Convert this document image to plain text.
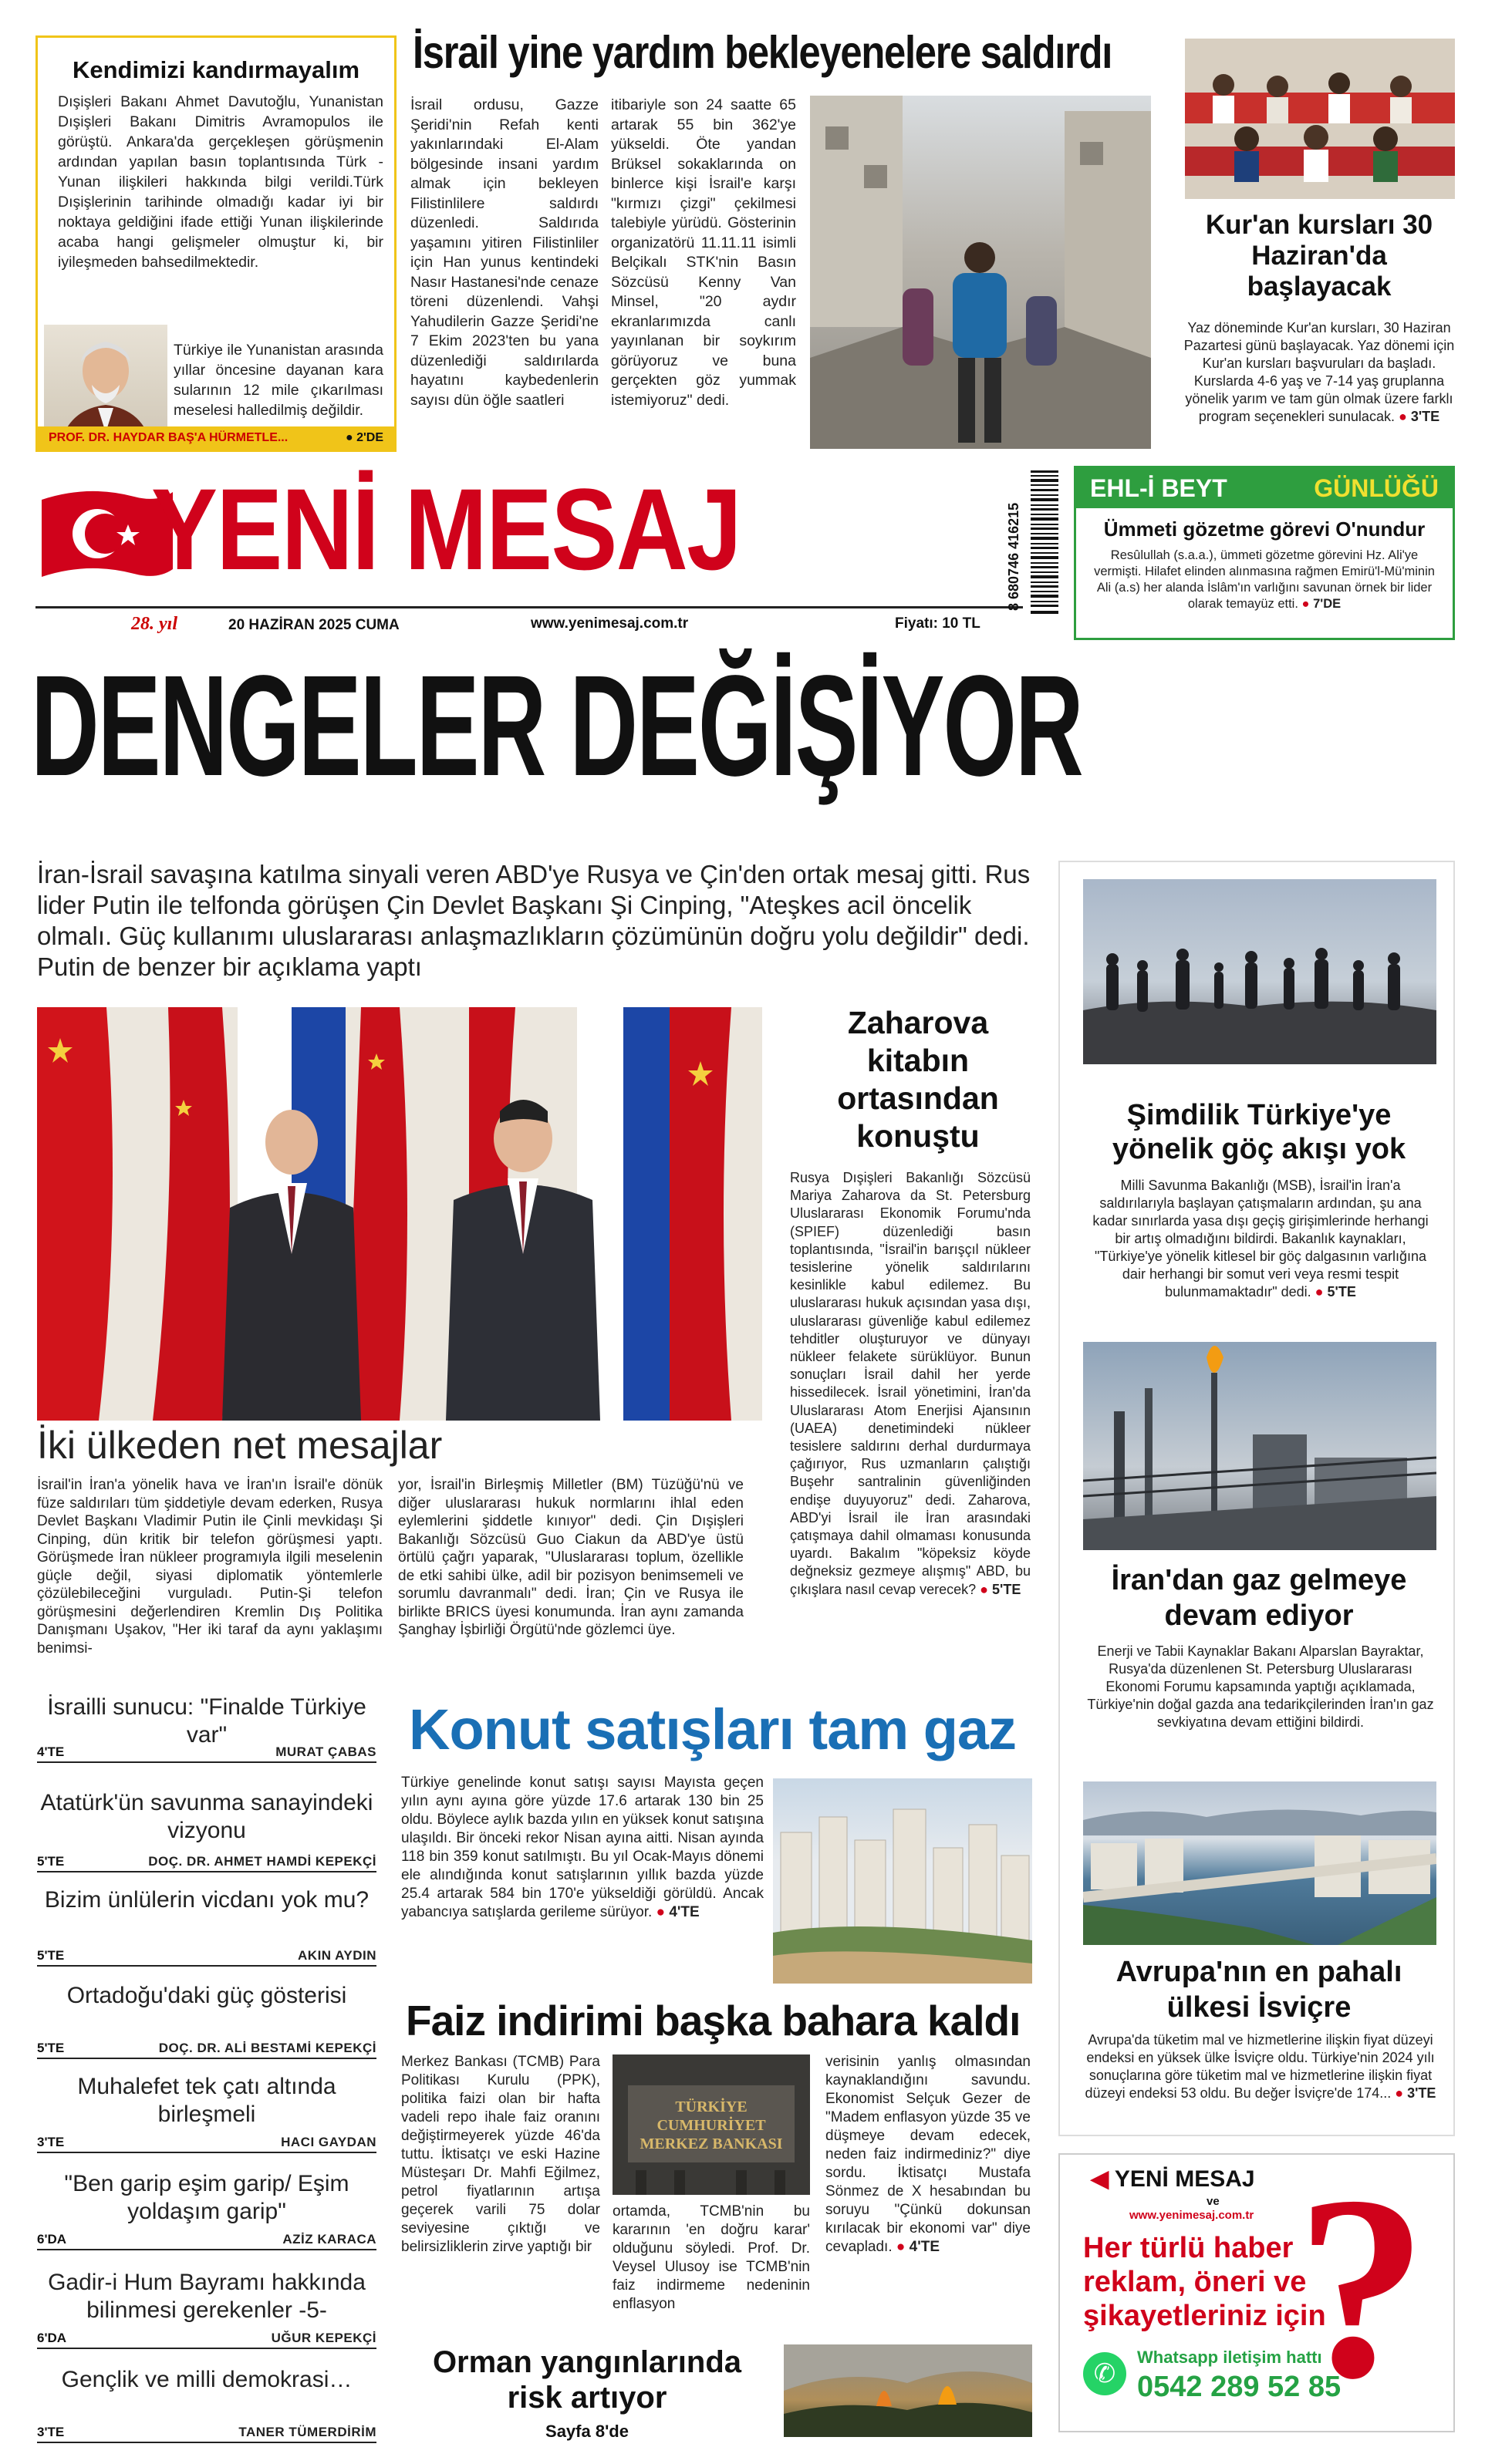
Kendimizi kandırmayalım
Dışişleri Bakanı Ahmet Davutoğlu, Yunanistan Dışişleri Bakanı Dimitris Avramopulos ile görüştü. Ankara'da gerçekleşen görüşmenin ardından yapılan basın toplantısında Türk - Yunan ilişkileri hakkında bilgi verildi.Türk Dışişlerinin tarihinde olmadığı kadar iyi bir noktaya geldiğini ifade ettiği Yunan ilişkilerinde acaba hangi gelişmeler olmuştur ki, bir iyileşmeden bahsedilmektedir.
Türkiye ile Yunanistan arasında yıllar öncesine dayanan kara sularının 12 mile çıkarılması meselesi halledilmiş değildir.
PROF. DR. HAYDAR BAŞ'A HÜRMETLE...	● 2'DE
İsrail yine yardım bekleyenelere saldırdı
İsrail ordusu, Gazze Şeridi'nin Refah kenti yakınlarındaki El-Alam bölgesinde insani yardım almak için bekleyen Filistinlilere saldırdı düzenledi. Saldırıda yaşamını yitiren Filistinliler için Han yunus kentindeki Nasır Hastanesi'nde cenaze töreni düzenlendi. Vahşi Yahudilerin Gazze Şeridi'ne 7 Ekim 2023'ten bu yana düzenlediği saldırılarda hayatını kaybedenlerin sayısı dün öğle saatleri
itibariyle son 24 saatte 65 artarak 55 bin 362'ye yükseldi. Öte yandan Brüksel sokaklarında on binlerce kişi İsrail'e karşı "kırmızı çizgi" çekilmesi talebiyle yürüdü. Gösterinin organizatörü 11.11.11 isimli Belçikalı STK'nin Basın Sözcüsü Kenny Van Minsel, "20 aydır ekranlarımızda canlı yayınlanan bir soykırım görüyoruz ve buna gerçekten göz yummak istemiyoruz" dedi.
Kur'an kursları 30 Haziran'da başlayacak
Yaz döneminde Kur'an kursları, 30 Haziran Pazartesi günü başlayacak. Yaz dönemi için Kur'an kursları başvuruları da başladı. Kurslarda 4-6 yaş ve 7-14 yaş gruplanna yönelik yarım ve tam gün olmak üzere farklı program seçenekleri sunulacak. ● 3'TE
YENİ MESAJ
28. yıl	20 HAZİRAN 2025 CUMA	www.yenimesaj.com.tr	Fiyatı: 10 TL
8 680746 416215
EHL-İ BEYT	GÜNLÜĞÜ
Ümmeti gözetme görevi O'nundur
Resûlullah (s.a.a.), ümmeti gözetme görevini Hz. Ali'ye vermişti. Hilafet elinden alınmasına rağmen Emirü'l-Mü'minin Ali (a.s) her alanda İslâm'ın varlığını savunan örnek bir lider olarak temayüz etti. ● 7'DE
DENGELER DEĞİŞİYOR
İran-İsrail savaşına katılma sinyali veren ABD'ye Rusya ve Çin'den ortak mesaj gitti. Rus lider Putin ile telfonda görüşen Çin Devlet Başkanı Şi Cinping, "Ateşkes acil öncelik olmalı. Güç kullanımı uluslararası anlaşmazlıkların çözümünün doğru yolu değildir" dedi. Putin de benzer bir açıklama yaptı
İki ülkeden net mesajlar
İsrail'in İran'a yönelik hava ve İran'ın İsrail'e dönük füze saldırıları tüm şiddetiyle devam ederken, Rusya Devlet Başkanı Vladimir Putin ile Çinli mevkidaşı Şi Cinping, dün kritik bir telefon görüşmesi yaptı. Görüşmede İran nükleer programıyla ilgili meselenin güçle değil, siyasi diplomatik yöntemlerle çözülebileceğini vurguladı. Putin-Şi telefon görüşmesini değerlendiren Kremlin Dış Politika Danışmanı Uşakov, "Her iki taraf da aynı yaklaşımı benimsi-
yor, İsrail'in Birleşmiş Milletler (BM) Tüzüğü'nü ve diğer uluslararası hukuk normlarını ihlal eden eylemlerini şiddetle kınıyor" dedi. Çin Dışişleri Bakanlığı Sözcüsü Guo Ciakun da ABD'ye üstü örtülü çağrı yaparak, "Uluslararası toplum, özellikle de etki sahibi ülke, adil bir pozisyon benimsemeli ve sorumlu davranmalı" dedi. İran; Çin ve Rusya ile birlikte BRICS üyesi konumunda. İran aynı zamanda Şanghay İşbirliği Örgütü'nde gözlemci üye.
Zaharova kitabın ortasından konuştu
Rusya Dışişleri Bakanlığı Sözcüsü Mariya Zaharova da St. Petersburg Uluslararası Ekonomik Forumu'nda (SPIEF) düzenlediği basın toplantısında, "İsrail'in barışçıl nükleer tesislerine yönelik saldırılarını kesinlikle kabul edilemez. Bu uluslararası hukuk açısından yasa dışı, uluslararası güvenliğe kabul edilemez tehditler oluşturuyor ve dünyayı nükleer felakete sürüklüyor. Bunun sonuçları İsrail dahil her yerde hissedilecek. İsrail yönetimini, İran'da Uluslararası Atom Enerjisi Ajansının (UAEA) denetimindeki nükleer tesislere saldırını derhal durdurmaya çağırıyor, Rus uzmanların çalıştığı Buşehr santralinin güvenliğinden endişe duyuyoruz" dedi. Zaharova, ABD'yi İsrail ile İran arasındaki çatışmaya dahil olmaması konusunda uyardı. Bakalım "köpeksiz köyde değneksiz gezmeye alışmış" ABD, bu çıkışlara nasıl cevap verecek? ● 5'TE
Şimdilik Türkiye'ye yönelik göç akışı yok
Milli Savunma Bakanlığı (MSB), İsrail'in İran'a saldırılarıyla başlayan çatışmaların ardından, şu ana kadar sınırlarda yasa dışı geçiş girişimlerinde herhangi bir artış olmadığını bildirdi. Bakanlık kaynakları, "Türkiye'ye yönelik kitlesel bir göç dalgasının varlığına dair herhangi bir somut veri veya resmi tespit bulunmamaktadır" dedi. ● 5'TE
İran'dan gaz gelmeye devam ediyor
Enerji ve Tabii Kaynaklar Bakanı Alparslan Bayraktar, Rusya'da düzenlenen St. Petersburg Uluslararası Ekonomi Forumu kapsamında yaptığı açıklamada, Türkiye'nin doğal gazda ana tedarikçilerinden İran'ın gaz sevkiyatına devam ettiğini bildirdi.
Avrupa'nın en pahalı ülkesi İsviçre
Avrupa'da tüketim mal ve hizmetlerine ilişkin fiyat düzeyi endeksi en yüksek ülke İsviçre oldu. Türkiye'nin 2024 yılı sonuçlarına göre tüketim mal ve hizmetlerine ilişkin fiyat düzeyi endeksi 53 oldu. Bu değer İsviçre'de 174... ● 3'TE
◀ YENİ MESAJ
ve
www.yenimesaj.com.tr ?
Her türlü haber
reklam, öneri ve
şikayetleriniz için
✆
Whatsapp iletişim hattı
0542 289 52 85
İsrailli sunucu: "Finalde Türkiye var"
4'TE	MURAT ÇABAS
Atatürk'ün savunma sanayindeki vizyonu
5'TE	DOÇ. DR. AHMET HAMDİ KEPEKÇİ
Bizim ünlülerin vicdanı yok mu?
5'TE	AKIN AYDIN
Ortadoğu'daki güç gösterisi
5'TE	DOÇ. DR. ALİ BESTAMİ KEPEKÇİ
Muhalefet tek çatı altında birleşmeli
3'TE	HACI GAYDAN
"Ben garip eşim garip/ Eşim yoldaşım garip"
6'DA	AZİZ KARACA
Gadir-i Hum Bayramı hakkında bilinmesi gerekenler -5-
6'DA	UĞUR KEPEKÇİ
Gençlik ve milli demokrasi…
3'TE	TANER TÜMERDİRİM
Konut satışları tam gaz
Türkiye genelinde konut satışı sayısı Mayısta geçen yılın aynı ayına göre yüzde 17.6 artarak 130 bin 25 oldu. Böylece aylık bazda yılın en yüksek konut satışına ulaşıldı. Bir önceki rekor Nisan ayına aitti. Nisan ayında 118 bin 359 konut satılmıştı. Bu yıl Ocak-Mayıs dönemi ele alındığında konut satışlarının yıllık bazda yüzde 25.4 artarak 584 bin 170'e yükseldiği görüldü. Ancak yabancıya satışlarda gerileme sürüyor. ● 4'TE
Faiz indirimi başka bahara kaldı
Merkez Bankası (TCMB) Para Politikası Kurulu (PPK), politika faizi olan bir hafta vadeli repo ihale faiz oranını değiştirmeyerek yüzde 46'da tuttu. İktisatçı ve eski Hazine Müsteşarı Dr. Mahfi Eğilmez, petrol fiyatlarının artışa geçerek varili 75 dolar seviyesine çıktığı ve belirsizliklerin zirve yaptığı bir
TÜRKİYE CUMHURİYET MERKEZ BANKASI
ortamda, TCMB'nin bu kararının 'en doğru karar' olduğunu söyledi. Prof. Dr. Veysel Ulusoy ise TCMB'nin faiz indirmeme nedeninin enflasyon
verisinin yanlış olmasından kaynaklandığını savundu. Ekonomist Selçuk Gezer de "Madem enflasyon yüzde 35 ve düşmeye devam edecek, neden faiz indirmediniz?" diye sordu. İktisatçı Mustafa Sönmez de X hesabından bu soruyu "Çünkü dokunsan kırılacak bir ekonomi var" diye cevapladı. ● 4'TE
Orman yangınlarında risk artıyor
Sayfa 8'de
